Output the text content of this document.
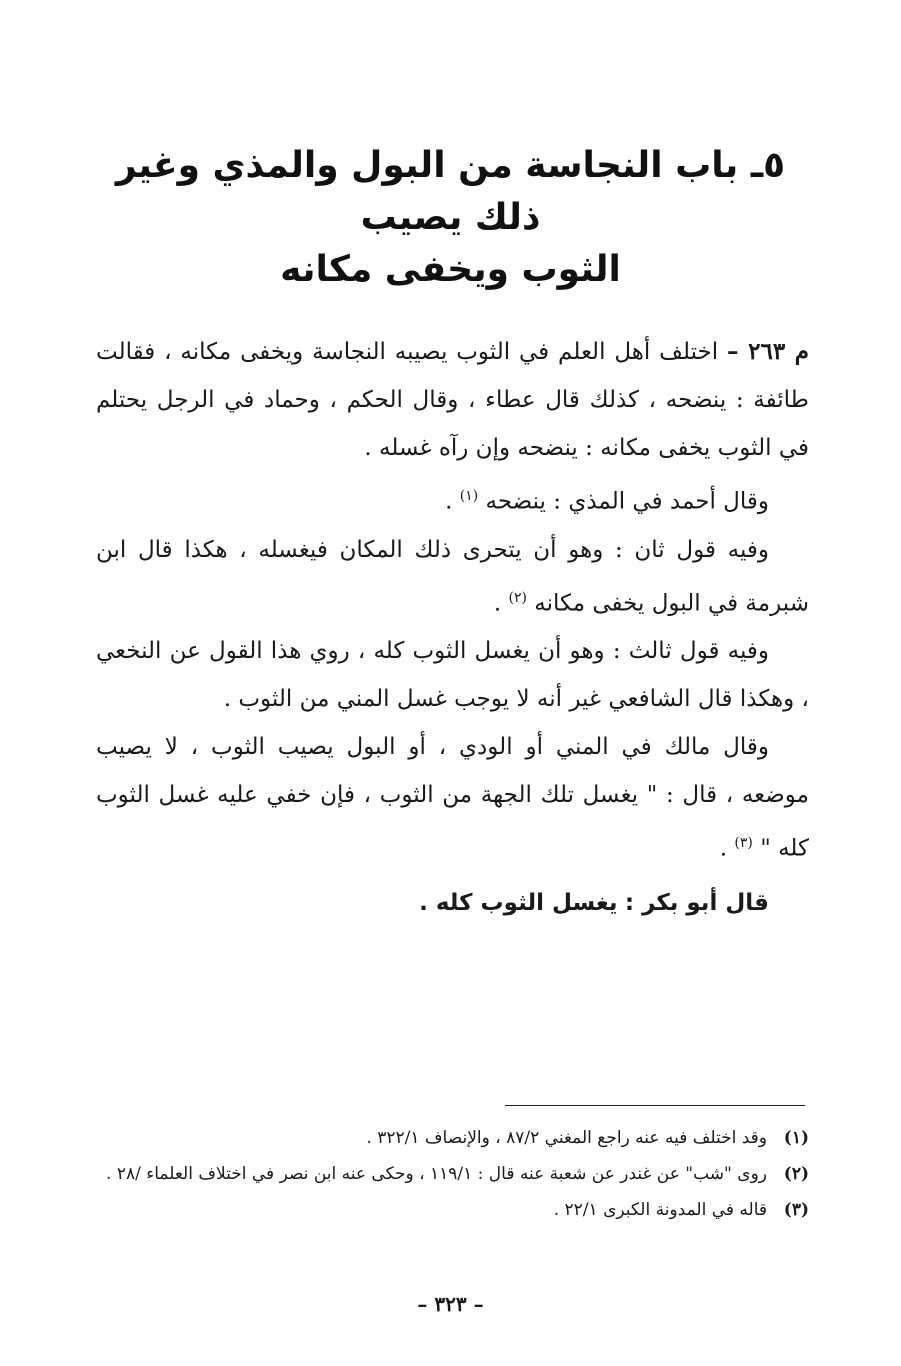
٥ـ باب النجاسة من البول والمذي وغير ذلك يصيب
الثوب ويخفى مكانه

م ٢٦٣ – اختلف أهل العلم في الثوب يصيبه النجاسة ويخفى مكانه ، فقالت طائفة : ينضحه ، كذلك قال عطاء ، وقال الحكم ، وحماد في الرجل يحتلم في الثوب يخفى مكانه : ينضحه وإن رآه غسله .

وقال أحمد في المذي : ينضحه $^{(١)}$ .

وفيه قول ثان : وهو أن يتحرى ذلك المكان فيغسله ، هكذا قال ابن شبرمة في البول يخفى مكانه $^{(٢)}$ .

وفيه قول ثالث : وهو أن يغسل الثوب كله ، روي هذا القول عن النخعي ، وهكذا قال الشافعي غير أنه لا يوجب غسل المني من الثوب .

وقال مالك في المني أو الودي ، أو البول يصيب الثوب ، لا يصيب موضعه ، قال : " يغسل تلك الجهة من الثوب ، فإن خفي عليه غسل الثوب كله " $^{(٣)}$ .

قال أبو بكر : يغسل الثوب كله .

(١)
وقد اختلف فيه عنه راجع المغني ٨٧/٢ ، والإنصاف ٣٢٢/١ .
(٢)
روى "شب" عن غندر عن شعبة عنه قال : ١١٩/١ ، وحكى عنه ابن نصر في اختلاف العلماء /٢٨ .
(٣)
قاله في المدونة الكبرى ٢٢/١ .
– ٣٢٣ –
